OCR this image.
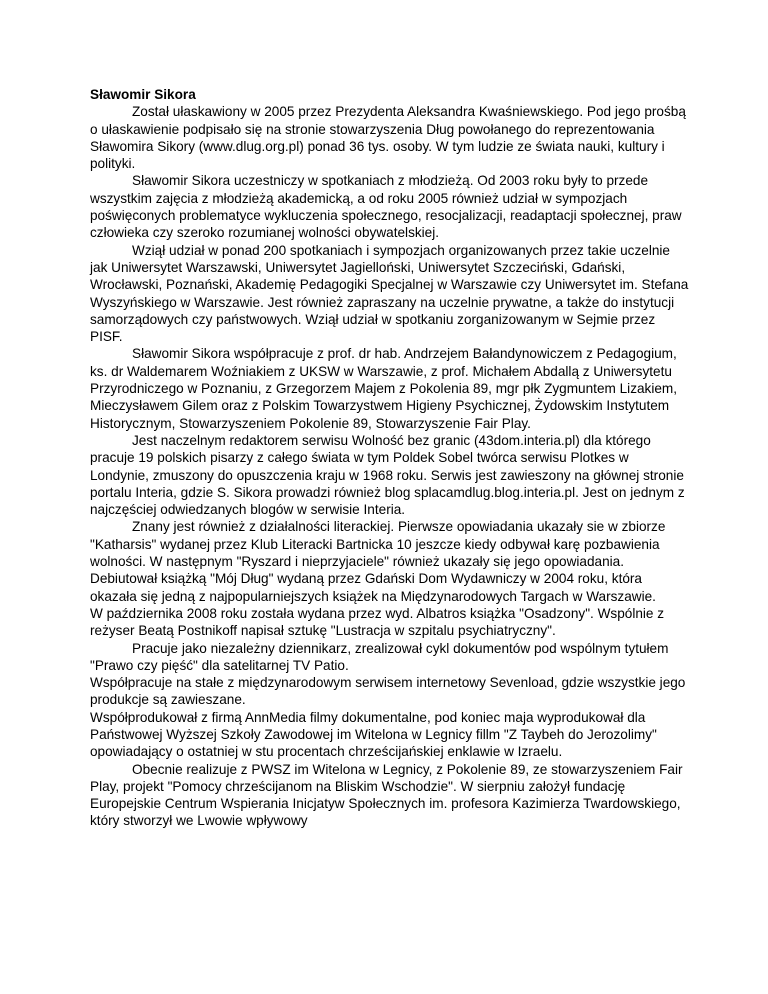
Sławomir Sikora

Został ułaskawiony w 2005 przez Prezydenta Aleksandra Kwaśniewskiego. Pod jego prośbą o ułaskawienie podpisało się na stronie stowarzyszenia Dług powołanego do reprezentowania Sławomira Sikory (www.dlug.org.pl) ponad 36 tys. osoby. W tym ludzie ze świata nauki, kultury i polityki.

Sławomir Sikora uczestniczy w spotkaniach z młodzieżą. Od 2003 roku były to przede wszystkim zajęcia z młodzieżą akademicką, a od roku 2005 również udział w sympozjach poświęconych problematyce wykluczenia społecznego, resocjalizacji, readaptacji społecznej, praw człowieka czy szeroko rozumianej wolności obywatelskiej.

Wziął udział w ponad 200 spotkaniach i sympozjach organizowanych przez takie uczelnie jak Uniwersytet Warszawski, Uniwersytet Jagielloński, Uniwersytet Szczeciński, Gdański, Wrocławski, Poznański, Akademię Pedagogiki Specjalnej w Warszawie czy Uniwersytet im. Stefana Wyszyńskiego w Warszawie. Jest również zapraszany na uczelnie prywatne, a także do instytucji samorządowych czy państwowych. Wziął udział w spotkaniu zorganizowanym w Sejmie przez PISF.

Sławomir Sikora współpracuje z prof. dr hab. Andrzejem Bałandynowiczem z Pedagogium, ks. dr Waldemarem Woźniakiem z UKSW w Warszawie, z prof. Michałem Abdallą z Uniwersytetu Przyrodniczego w Poznaniu, z Grzegorzem Majem z Pokolenia 89, mgr płk Zygmuntem Lizakiem, Mieczysławem Gilem oraz z Polskim Towarzystwem Higieny Psychicznej, Żydowskim Instytutem Historycznym, Stowarzyszeniem Pokolenie 89, Stowarzyszenie Fair Play.

Jest naczelnym redaktorem serwisu Wolność bez granic (43dom.interia.pl) dla którego pracuje 19 polskich pisarzy z całego świata w tym Poldek Sobel twórca serwisu Plotkes w Londynie, zmuszony do opuszczenia kraju w 1968 roku. Serwis jest zawieszony na głównej stronie portalu Interia, gdzie S. Sikora prowadzi również blog splacamdlug.blog.interia.pl. Jest on jednym z najczęściej odwiedzanych blogów w serwisie Interia.

Znany jest również z działalności literackiej. Pierwsze opowiadania ukazały sie w zbiorze "Katharsis" wydanej przez Klub Literacki Bartnicka 10 jeszcze kiedy odbywał karę pozbawienia wolności. W następnym "Ryszard i nieprzyjaciele" również ukazały się jego opowiadania.

Debiutował książką "Mój Dług" wydaną przez Gdański Dom Wydawniczy w 2004 roku, która okazała się jedną z najpopularniejszych książek na Międzynarodowych Targach w Warszawie.

W października 2008 roku została wydana przez wyd. Albatros książka "Osadzony". Wspólnie z reżyser Beatą Postnikoff napisał sztukę "Lustracja w szpitalu psychiatryczny".

Pracuje jako niezależny dziennikarz, zrealizował cykl dokumentów pod wspólnym tytułem "Prawo czy pięść" dla satelitarnej TV Patio.

Współpracuje na stałe z międzynarodowym serwisem internetowy Sevenload, gdzie wszystkie jego produkcje są zawieszane.

Współprodukował z firmą AnnMedia filmy dokumentalne, pod koniec maja wyprodukował dla Państwowej Wyższej Szkoły Zawodowej im Witelona w Legnicy fillm "Z Taybeh do Jerozolimy" opowiadający o ostatniej w stu procentach chrześcijańskiej enklawie w Izraelu.

Obecnie realizuje z PWSZ im Witelona w Legnicy, z Pokolenie 89, ze stowarzyszeniem Fair Play, projekt "Pomocy chrześcijanom na Bliskim Wschodzie". W sierpniu założył fundację Europejskie Centrum Wspierania Inicjatyw Społecznych im. profesora Kazimierza Twardowskiego, który stworzył we Lwowie wpływowy
